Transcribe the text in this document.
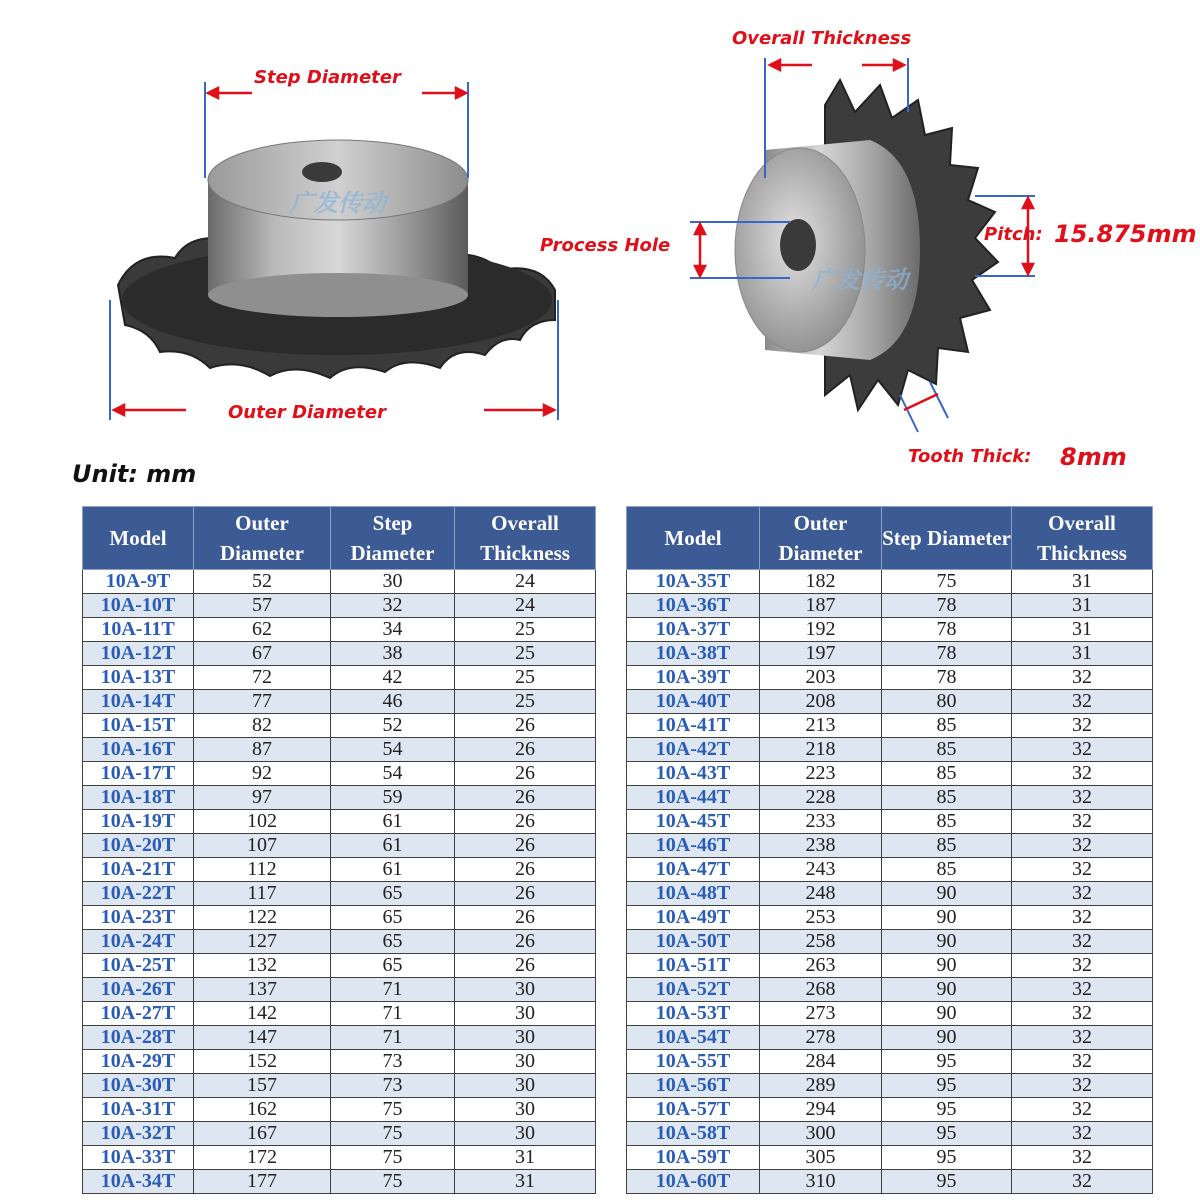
广发传动
Step Diameter
Outer Diameter
广发传动
Overall Thickness
Process Hole
Pitch: 15.875mm
Tooth Thick: 8mm
Unit: mm
Model	Outer Diameter	Step Diameter	Overall Thickness
10A-9T	52	30	24
10A-10T	57	32	24
10A-11T	62	34	25
10A-12T	67	38	25
10A-13T	72	42	25
10A-14T	77	46	25
10A-15T	82	52	26
10A-16T	87	54	26
10A-17T	92	54	26
10A-18T	97	59	26
10A-19T	102	61	26
10A-20T	107	61	26
10A-21T	112	61	26
10A-22T	117	65	26
10A-23T	122	65	26
10A-24T	127	65	26
10A-25T	132	65	26
10A-26T	137	71	30
10A-27T	142	71	30
10A-28T	147	71	30
10A-29T	152	73	30
10A-30T	157	73	30
10A-31T	162	75	30
10A-32T	167	75	30
10A-33T	172	75	31
10A-34T	177	75	31
Model	Outer Diameter	Step Diameter	Overall Thickness
10A-35T	182	75	31
10A-36T	187	78	31
10A-37T	192	78	31
10A-38T	197	78	31
10A-39T	203	78	32
10A-40T	208	80	32
10A-41T	213	85	32
10A-42T	218	85	32
10A-43T	223	85	32
10A-44T	228	85	32
10A-45T	233	85	32
10A-46T	238	85	32
10A-47T	243	85	32
10A-48T	248	90	32
10A-49T	253	90	32
10A-50T	258	90	32
10A-51T	263	90	32
10A-52T	268	90	32
10A-53T	273	90	32
10A-54T	278	90	32
10A-55T	284	95	32
10A-56T	289	95	32
10A-57T	294	95	32
10A-58T	300	95	32
10A-59T	305	95	32
10A-60T	310	95	32
